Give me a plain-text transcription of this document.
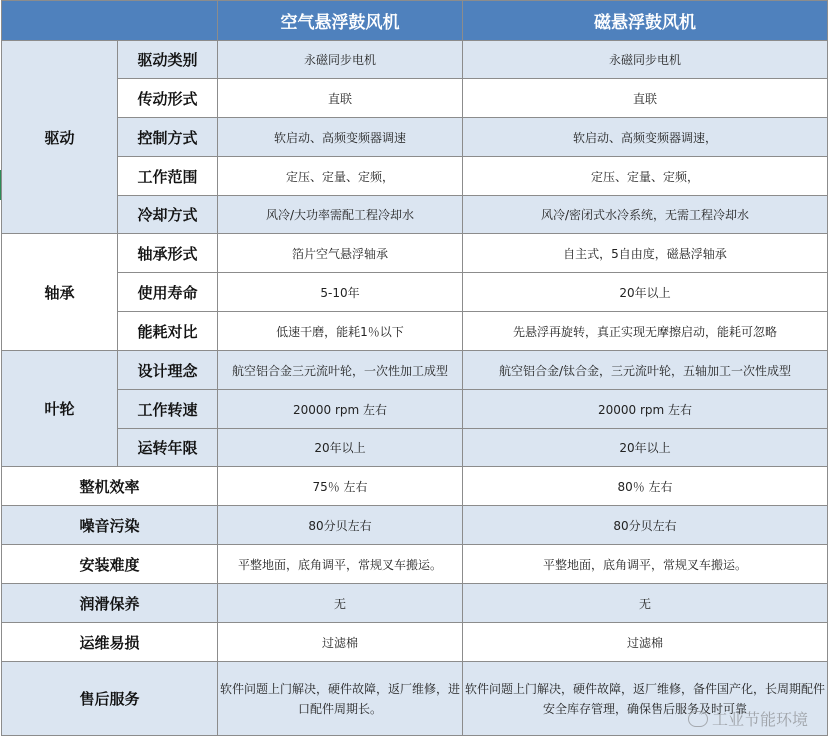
		空气悬浮鼓风机	磁悬浮鼓风机
驱动	驱动类别	永磁同步电机	永磁同步电机
	传动形式	直联	直联
	控制方式	软启动、高频变频器调速	软启动、高频变频器调速，
	工作范围	定压、定量、定频，	定压、定量、定频，
	冷却方式	风冷/大功率需配工程冷却水	风冷/密闭式水冷系统，无需工程冷却水
轴承	轴承形式	箔片空气悬浮轴承	自主式，5自由度，磁悬浮轴承
	使用寿命	5-10年	20年以上
	能耗对比	低速干磨，能耗1％以下	先悬浮再旋转，真正实现无摩擦启动，能耗可忽略
叶轮	设计理念	航空铝合金三元流叶轮，一次性加工成型	航空铝合金/钛合金，三元流叶轮，五轴加工一次性成型
	工作转速	20000 rpm 左右	20000 rpm 左右
	运转年限	20年以上	20年以上
整机效率		75％ 左右	80％ 左右
噪音污染		80分贝左右	80分贝左右
安装难度		平整地面，底角调平，常规叉车搬运。	平整地面，底角调平，常规叉车搬运。
润滑保养		无	无
运维易损		过滤棉	过滤棉
售后服务		软件问题上门解决，硬件故障，返厂维修，进口配件周期长。	软件问题上门解决，硬件故障，返厂维修，备件国产化，长周期配件安全库存管理，确保售后服务及时可靠
工业节能环境
